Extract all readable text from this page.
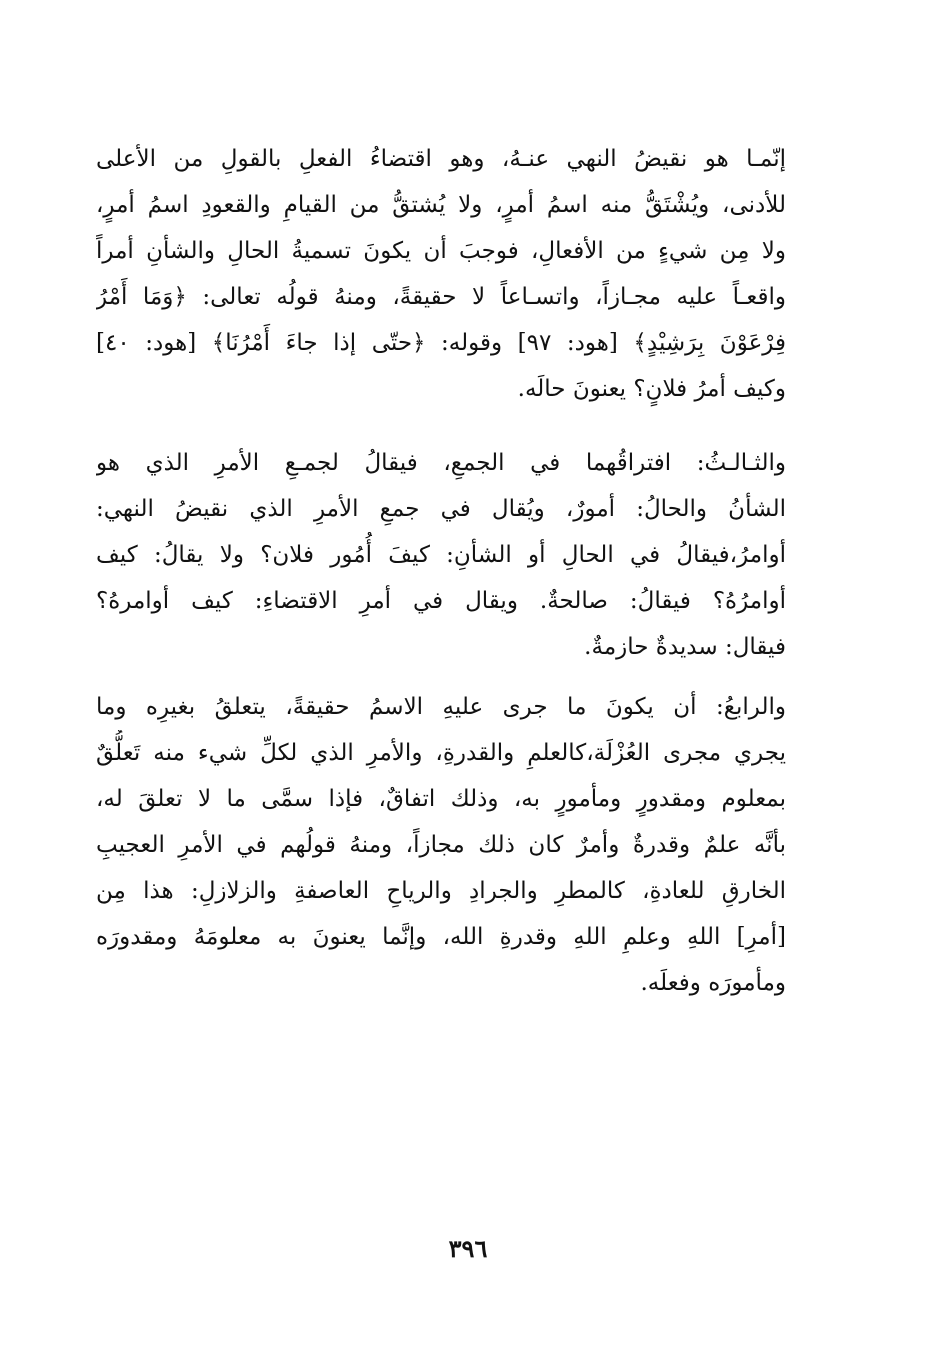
إنّمـا هو نقيضُ النهي عنـهُ، وهو اقتضاءُ الفعلِ بالقولِ من الأعلى
للأدنى، ويُشْتَقُّ منه اسمُ أمرٍ، ولا يُشتقُّ من القيامِ والقعودِ اسمُ أمرٍ،
ولا مِن شيءٍ من الأفعالِ، فوجبَ أن يكونَ تسميةُ الحالِ والشأنِ أمراً
واقعـاً عليه مجـازاً، واتسـاعاً لا حقيقةً، ومنهُ قولُه تعالى: ﴿وَمَا أَمْرُ
فِرْعَوْنَ بِرَشِيْدٍ﴾ [هود: ٩٧] وقوله: ﴿حتّى إذا جاءَ أَمْرُنَا﴾ [هود: ٤٠]
وكيف أمرُ فلانٍ؟ يعنونَ حالَه.
والثـالـثُ: افتراقُهما في الجمعِ، فيقالُ لجمـعِ الأمرِ الذي هو
الشأنُ والحالُ: أمورٌ، ويُقال في جمعِ الأمرِ الذي نقيضُ النهي:
أوامرُ،فيقالُ في الحالِ أو الشأنِ: كيفَ أُمُور فلان؟ ولا يقالُ: كيف
أوامرُهُ؟ فيقالُ: صالحةٌ. ويقال في أمرِ الاقتضاءِ: كيف أوامرهُ؟
فيقال: سديدةٌ حازمةٌ.
والرابعُ: أن يكونَ ما جرى عليهِ الاسمُ حقيقةً، يتعلقُ بغيرِه وما
يجري مجرى العُزْلَة،كالعلمِ والقدرةِ، والأمرِ الذي لكلِّ شيء منه تَعلُّقٌ
بمعلوم ومقدورٍ ومأمورٍ به، وذلك اتفاقٌ، فإذا سمَّى ما لا تعلقَ له،
بأنَّه علمٌ وقدرةٌ وأمرٌ كان ذلك مجازاً، ومنهُ قولُهم في الأمرِ العجيبِ
الخارقِ للعادةِ، كالمطرِ والجرادِ والرياحِ العاصفةِ والزلازلِ: هذا مِن
[أمرِ] اللهِ وعلمِ اللهِ وقدرةِ الله، وإنَّما يعنونَ به معلومَهُ ومقدورَه
ومأمورَه وفعلَه.
٣٩٦
